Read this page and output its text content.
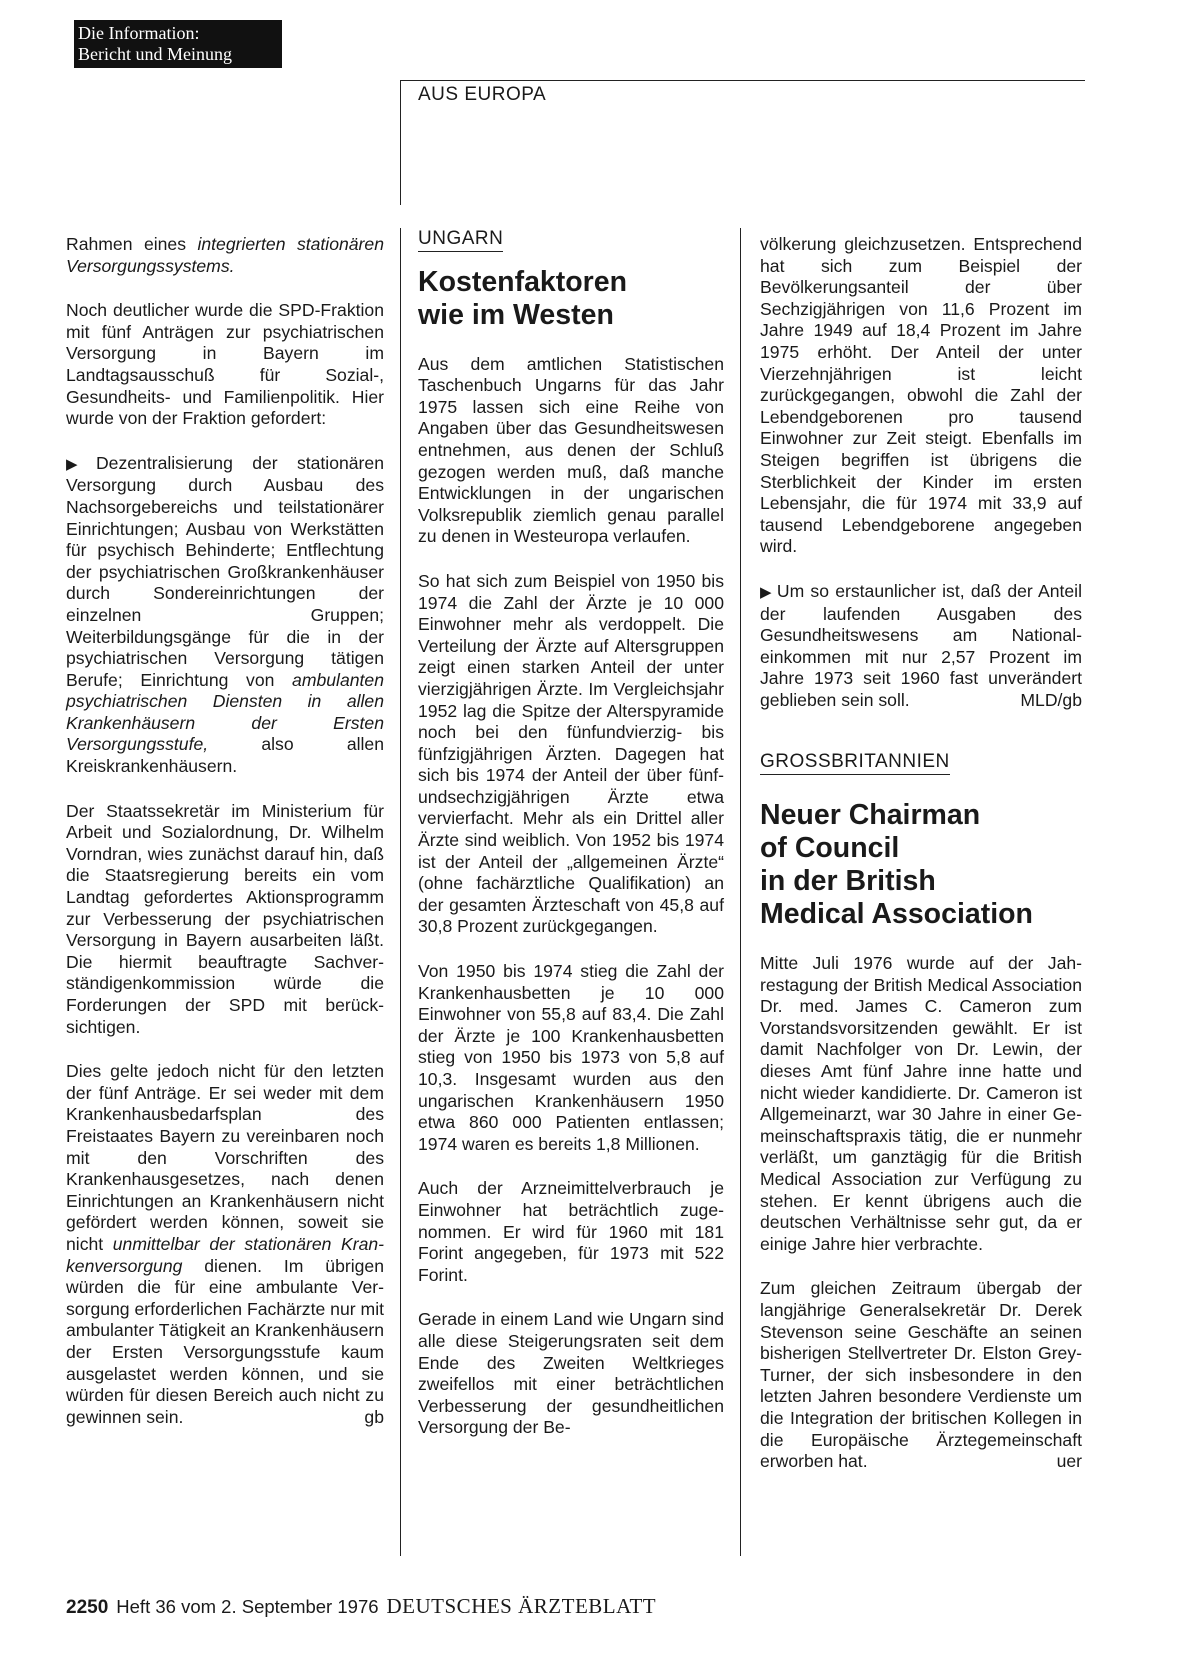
Die Information:
Bericht und Meinung
AUS EUROPA

Rahmen eines integrierten stationären Versorgungssystems.

Noch deutlicher wurde die SPD-Fraktion mit fünf Anträgen zur psychiatrischen Versorgung in Bayern im Landtagsausschuß für Sozial-, Gesundheits- und Familienpolitik. Hier wurde von der Fraktion gefordert:

▶ Dezentralisierung der stationären Versorgung durch Ausbau des Nachsorgebereichs und teilstationärer Einrichtungen; Ausbau von Werkstätten für psychisch Behinderte; Entflechtung der psychiatrischen Großkrankenhäuser durch Sondereinrichtungen der einzelnen Gruppen; Weiterbildungsgänge für die in der psychiatrischen Versorgung tätigen Berufe; Einrichtung von ambulanten psychiatrischen Diensten in allen Krankenhäusern der Ersten Versorgungsstufe, also allen Kreiskrankenhäusern.

Der Staatssekretär im Ministerium für Arbeit und Sozialordnung, Dr. Wilhelm Vorndran, wies zunächst darauf hin, daß die Staatsregierung bereits ein vom Landtag gefordertes Aktionsprogramm zur Verbesserung der psychiatrischen Versorgung in Bayern ausarbeiten läßt. Die hiermit beauftragte Sachverständigenkommission würde die Forderungen der SPD mit berücksichtigen.

Dies gelte jedoch nicht für den letzten der fünf Anträge. Er sei weder mit dem Krankenhausbedarfsplan des Freistaates Bayern zu vereinbaren noch mit den Vorschriften des Krankenhausgesetzes, nach denen Einrichtungen an Krankenhäusern nicht gefördert werden können, soweit sie nicht unmittelbar der stationären Krankenversorgung dienen. Im übrigen würden die für eine ambulante Versorgung erforderlichen Fachärzte nur mit ambulanter Tätigkeit an Krankenhäusern der Ersten Versorgungsstufe kaum ausgelastet werden können, und sie würden für diesen Bereich auch nicht zu gewinnen sein.	gb

UNGARN
Kostenfaktoren
wie im Westen

Aus dem amtlichen Statistischen Taschenbuch Ungarns für das Jahr 1975 lassen sich eine Reihe von Angaben über das Gesundheitswesen entnehmen, aus denen der Schluß gezogen werden muß, daß manche Entwicklungen in der ungarischen Volksrepublik ziemlich genau parallel zu denen in Westeuropa verlaufen.

So hat sich zum Beispiel von 1950 bis 1974 die Zahl der Ärzte je 10 000 Einwohner mehr als verdoppelt. Die Verteilung der Ärzte auf Altersgruppen zeigt einen starken Anteil der unter vierzigjährigen Ärzte. Im Vergleichsjahr 1952 lag die Spitze der Alterspyramide noch bei den fünfundvierzig- bis fünfzigjährigen Ärzten. Dagegen hat sich bis 1974 der Anteil der über fünfundsechzigjährigen Ärzte etwa vervierfacht. Mehr als ein Drittel aller Ärzte sind weiblich. Von 1952 bis 1974 ist der Anteil der „allgemeinen Ärzte“ (ohne fachärztliche Qualifikation) an der gesamten Ärzteschaft von 45,8 auf 30,8 Prozent zurückgegangen.

Von 1950 bis 1974 stieg die Zahl der Krankenhausbetten je 10 000 Einwohner von 55,8 auf 83,4. Die Zahl der Ärzte je 100 Krankenhausbetten stieg von 1950 bis 1973 von 5,8 auf 10,3. Insgesamt wurden aus den ungarischen Krankenhäusern 1950 etwa 860 000 Patienten entlassen; 1974 waren es bereits 1,8 Millionen.

Auch der Arzneimittelverbrauch je Einwohner hat beträchtlich zugenommen. Er wird für 1960 mit 181 Forint angegeben, für 1973 mit 522 Forint.

Gerade in einem Land wie Ungarn sind alle diese Steigerungsraten seit dem Ende des Zweiten Weltkrieges zweifellos mit einer beträchtlichen Verbesserung der gesundheitlichen Versorgung der Be-

völkerung gleichzusetzen. Entsprechend hat sich zum Beispiel der Bevölkerungsanteil der über Sechzigjährigen von 11,6 Prozent im Jahre 1949 auf 18,4 Prozent im Jahre 1975 erhöht. Der Anteil der unter Vierzehnjährigen ist leicht zurückgegangen, obwohl die Zahl der Lebendgeborenen pro tausend Einwohner zur Zeit steigt. Ebenfalls im Steigen begriffen ist übrigens die Sterblichkeit der Kinder im ersten Lebensjahr, die für 1974 mit 33,9 auf tausend Lebendgeborene angegeben wird.

▶ Um so erstaunlicher ist, daß der Anteil der laufenden Ausgaben des Gesundheitswesens am Nationaleinkommen mit nur 2,57 Prozent im Jahre 1973 seit 1960 fast unverändert geblieben sein soll.	MLD/gb

GROSSBRITANNIEN
Neuer Chairman
of Council
in der British
Medical Association

Mitte Juli 1976 wurde auf der Jahrestagung der British Medical Association Dr. med. James C. Cameron zum Vorstandsvorsitzenden gewählt. Er ist damit Nachfolger von Dr. Lewin, der dieses Amt fünf Jahre inne hatte und nicht wieder kandidierte. Dr. Cameron ist Allgemeinarzt, war 30 Jahre in einer Gemeinschaftspraxis tätig, die er nunmehr verläßt, um ganztägig für die British Medical Association zur Verfügung zu stehen. Er kennt übrigens auch die deutschen Verhältnisse sehr gut, da er einige Jahre hier verbrachte.

Zum gleichen Zeitraum übergab der langjährige Generalsekretär Dr. Derek Stevenson seine Geschäfte an seinen bisherigen Stellvertreter Dr. Elston Grey-Turner, der sich insbesondere in den letzten Jahren besondere Verdienste um die Integration der britischen Kollegen in die Europäische Ärztegemeinschaft erworben hat.	uer

2250 Heft 36 vom 2. September 1976 DEUTSCHES ÄRZTEBLATT
